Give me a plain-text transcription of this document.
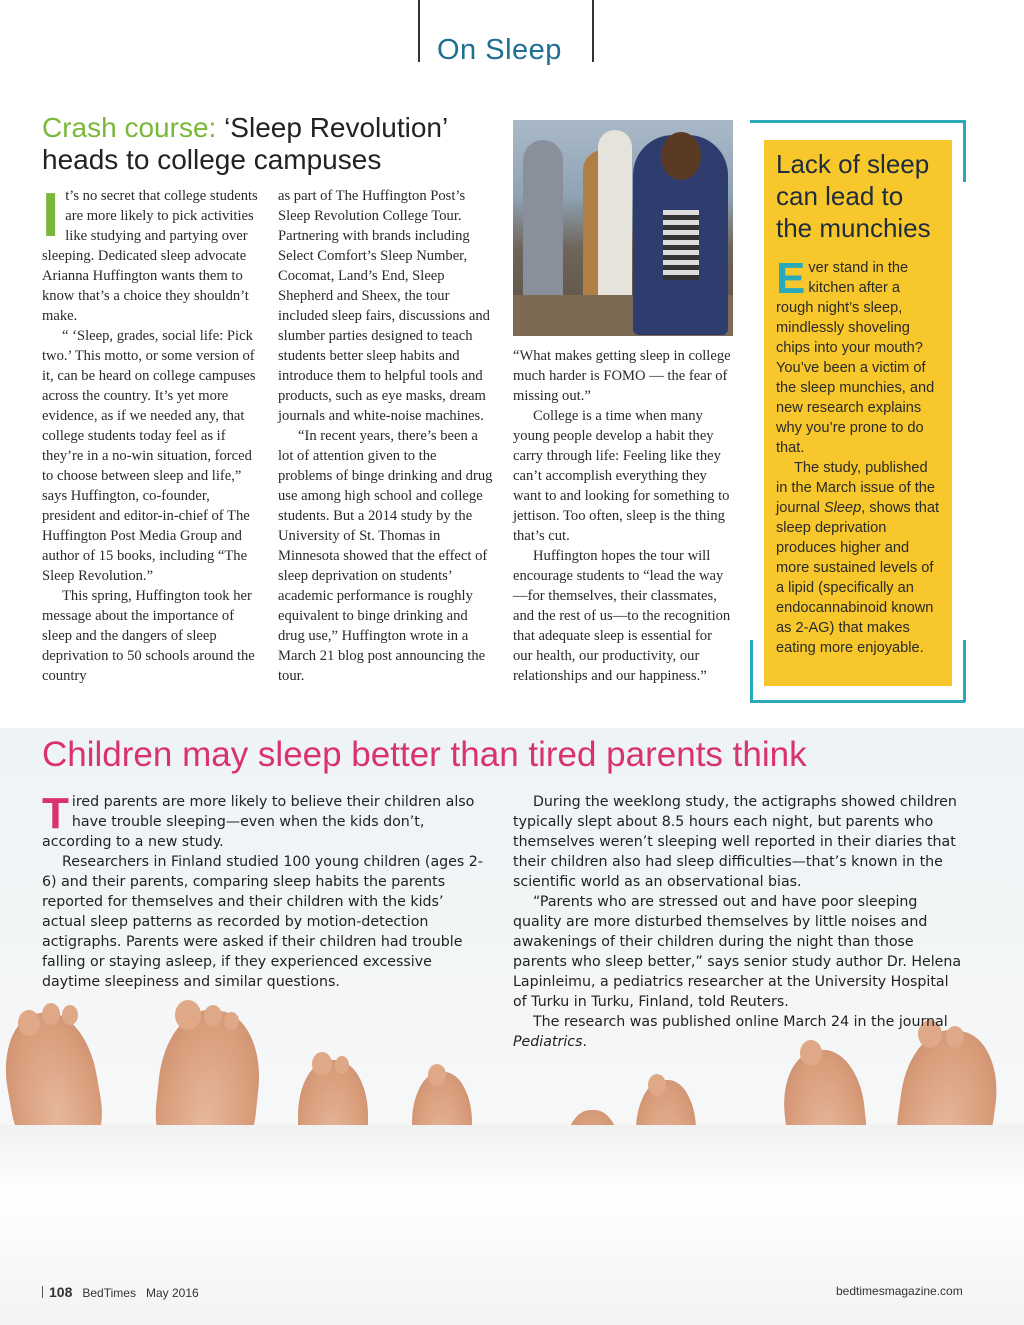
On Sleep
Crash course: ‘Sleep Revolution’ heads to college campuses

It’s no secret that college students are more likely to pick activities like studying and partying over sleeping. Dedicated sleep advocate Arianna Huffington wants them to know that’s a choice they shouldn’t make.

“ ‘Sleep, grades, social life: Pick two.’ This motto, or some version of it, can be heard on college campuses across the country. It’s yet more evidence, as if we needed any, that college students today feel as if they’re in a no-win situation, forced to choose between sleep and life,” says Huffington, co-founder, president and editor-in-chief of The Huffington Post Media Group and author of 15 books, including “The Sleep Revolution.”

This spring, Huffington took her message about the importance of sleep and the dangers of sleep deprivation to 50 schools around the country

as part of The Huffington Post’s Sleep Revolution College Tour. Partnering with brands including Select Comfort’s Sleep Number, Cocomat, Land’s End, Sleep Shepherd and Sheex, the tour included sleep fairs, discussions and slumber parties designed to teach students better sleep habits and introduce them to helpful tools and products, such as eye masks, dream journals and white-noise machines.

“In recent years, there’s been a lot of attention given to the problems of binge drinking and drug use among high school and college students. But a 2014 study by the University of St. Thomas in Minnesota showed that the effect of sleep deprivation on students’ academic performance is roughly equivalent to binge drinking and drug use,” Huffington wrote in a March 21 blog post announcing the tour.

“What makes getting sleep in college much harder is FOMO — the fear of missing out.”

College is a time when many young people develop a habit they carry through life: Feeling like they can’t accomplish everything they want to and looking for something to jettison. Too often, sleep is the thing that’s cut.

Huffington hopes the tour will encourage students to “lead the way—for themselves, their classmates, and the rest of us—to the recognition that adequate sleep is essential for our health, our productivity, our relationships and our happiness.”

Lack of sleep can lead to the munchies

Ever stand in the kitchen after a rough night’s sleep, mindlessly shoveling chips into your mouth? You’ve been a victim of the sleep munchies, and new research explains why you’re prone to do that.

The study, published in the March issue of the journal Sleep, shows that sleep deprivation produces higher and more sustained levels of a lipid (specifically an endocannabinoid known as 2-AG) that makes eating more enjoyable.

Children may sleep better than tired parents think

Tired parents are more likely to believe their children also have trouble sleeping—even when the kids don’t, according to a new study.

Researchers in Finland studied 100 young children (ages 2-6) and their parents, comparing sleep habits the parents reported for themselves and their children with the kids’ actual sleep patterns as recorded by motion-detection actigraphs. Parents were asked if their children had trouble falling or staying asleep, if they experienced excessive daytime sleepiness and similar questions.

During the weeklong study, the actigraphs showed children typically slept about 8.5 hours each night, but parents who themselves weren’t sleeping well reported in their diaries that their children also had sleep difficulties—that’s known in the scientific world as an observational bias.

“Parents who are stressed out and have poor sleeping quality are more disturbed themselves by little noises and awakenings of their children during the night than those parents who sleep better,” says senior study author Dr. Helena Lapinleimu, a pediatrics researcher at the University Hospital of Turku in Turku, Finland, told Reuters.

The research was published online March 24 in the journal Pediatrics.

108 BedTimes May 2016	bedtimesmagazine.com
